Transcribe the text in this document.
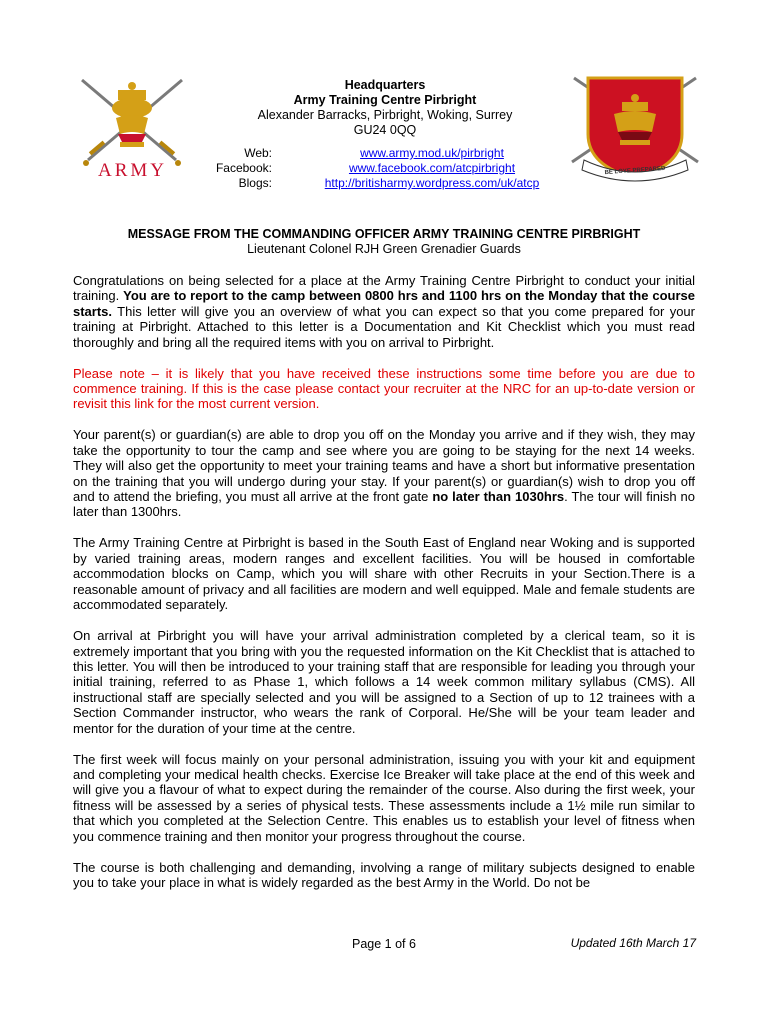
ARMY	BE LOYE PREPARED
Headquarters
Army Training Centre Pirbright
Alexander Barracks, Pirbright, Woking, Surrey
GU24 0QQ
Web:	www.army.mod.uk/pirbright
Facebook:	www.facebook.com/atcpirbright
Blogs:	http://britisharmy.wordpress.com/uk/atcp
MESSAGE FROM THE COMMANDING OFFICER ARMY TRAINING CENTRE PIRBRIGHT
Lieutenant Colonel RJH Green Grenadier Guards

Congratulations on being selected for a place at the Army Training Centre Pirbright to conduct your initial training. You are to report to the camp between 0800 hrs and 1100 hrs on the Monday that the course starts. This letter will give you an overview of what you can expect so that you come prepared for your training at Pirbright. Attached to this letter is a Documentation and Kit Checklist which you must read thoroughly and bring all the required items with you on arrival to Pirbright.

Please note – it is likely that you have received these instructions some time before you are due to commence training. If this is the case please contact your recruiter at the NRC for an up-to-date version or revisit this link for the most current version.

Your parent(s) or guardian(s) are able to drop you off on the Monday you arrive and if they wish, they may take the opportunity to tour the camp and see where you are going to be staying for the next 14 weeks. They will also get the opportunity to meet your training teams and have a short but informative presentation on the training that you will undergo during your stay. If your parent(s) or guardian(s) wish to drop you off and to attend the briefing, you must all arrive at the front gate no later than 1030hrs. The tour will finish no later than 1300hrs.

The Army Training Centre at Pirbright is based in the South East of England near Woking and is supported by varied training areas, modern ranges and excellent facilities. You will be housed in comfortable accommodation blocks on Camp, which you will share with other Recruits in your Section.There is a reasonable amount of privacy and all facilities are modern and well equipped. Male and female students are accommodated separately.

On arrival at Pirbright you will have your arrival administration completed by a clerical team, so it is extremely important that you bring with you the requested information on the Kit Checklist that is attached to this letter. You will then be introduced to your training staff that are responsible for leading you through your initial training, referred to as Phase 1, which follows a 14 week common military syllabus (CMS). All instructional staff are specially selected and you will be assigned to a Section of up to 12 trainees with a Section Commander instructor, who wears the rank of Corporal. He/She will be your team leader and mentor for the duration of your time at the centre.

The first week will focus mainly on your personal administration, issuing you with your kit and equipment and completing your medical health checks. Exercise Ice Breaker will take place at the end of this week and will give you a flavour of what to expect during the remainder of the course. Also during the first week, your fitness will be assessed by a series of physical tests. These assessments include a 1½ mile run similar to that which you completed at the Selection Centre. This enables us to establish your level of fitness when you commence training and then monitor your progress throughout the course.

The course is both challenging and demanding, involving a range of military subjects designed to enable you to take your place in what is widely regarded as the best Army in the World. Do not be

Page 1 of 6	Updated 16th March 17
